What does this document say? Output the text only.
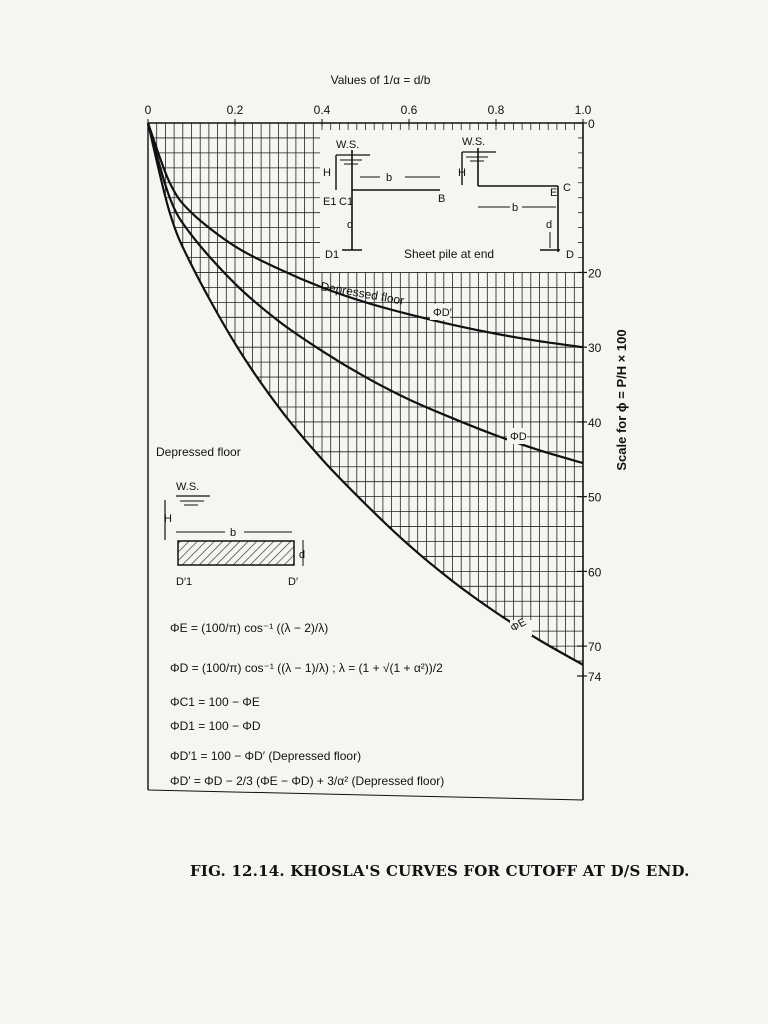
0	0.2	0.4	0.6	0.8	1.0
0
20
30
40
50
60
70
74
Values of 1/α = d/b
Scale for ϕ = P/H × 100
Depressed floor
ΦD′
ΦD
ΦE
W.S.
H
E1 C1
d
D1
b
B
W.S.
H
E C
b
d
D
Sheet pile at end
Depressed floor
W.S.
H
b
d
D′1	D′
ΦE = (100/π) cos⁻¹ ((λ − 2)/λ)
ΦD = (100/π) cos⁻¹ ((λ − 1)/λ) ; λ = (1 + √(1 + α²))/2
ΦC1 = 100 − ΦE
ΦD1 = 100 − ΦD
ΦD′1 = 100 − ΦD′ (Depressed floor)
ΦD′ = ΦD − 2/3 (ΦE − ΦD) + 3/α² (Depressed floor)
FIG. 12.14. KHOSLA'S CURVES FOR CUTOFF AT D/S END.
